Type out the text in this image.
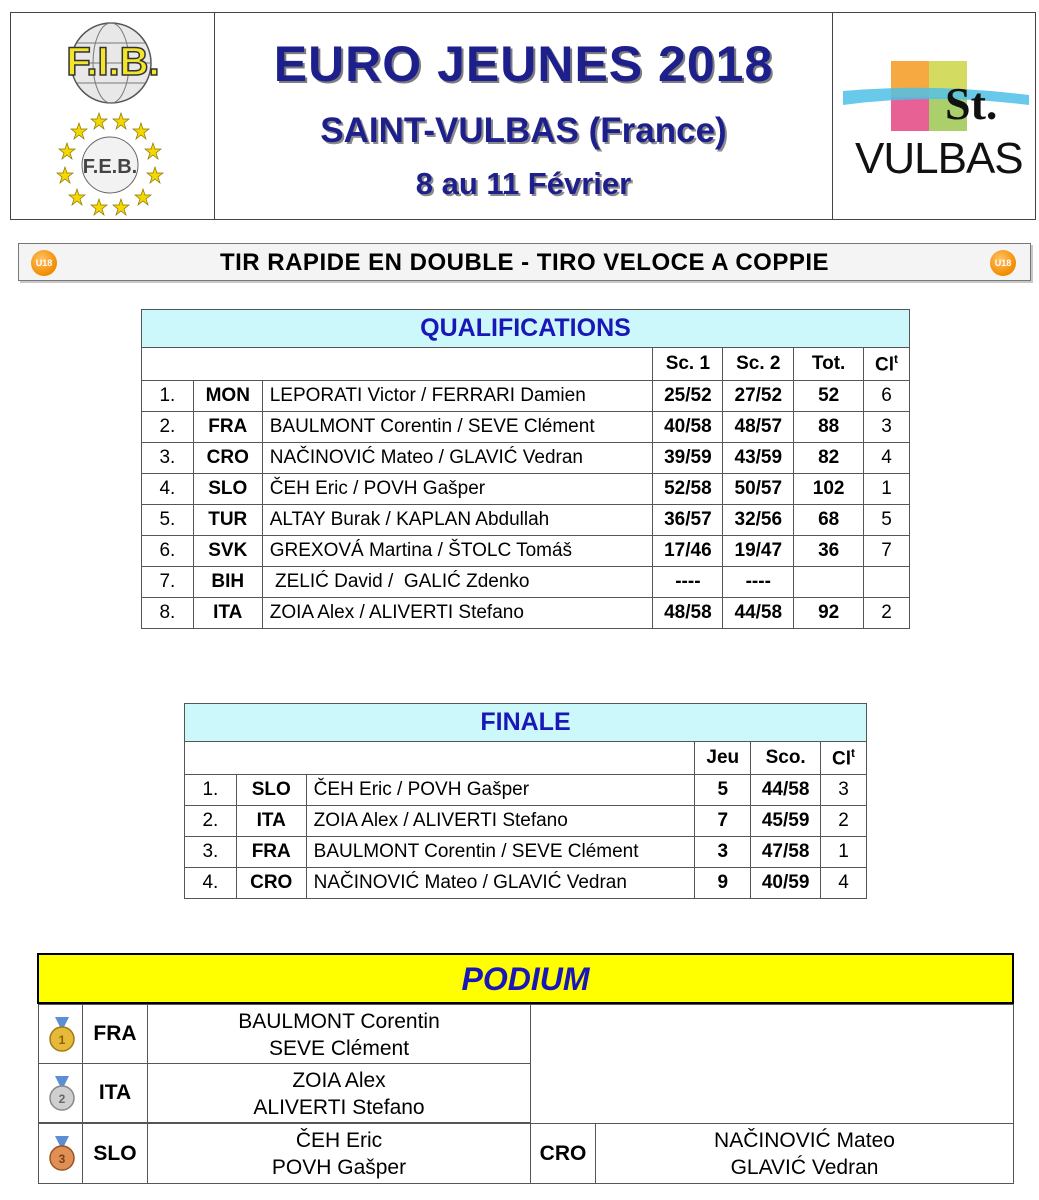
F.I.B.
F.E.B.
EURO JEUNES 2018
SAINT-VULBAS (France)
8 au 11 Février
St.
VULBAS
U18	TIR RAPIDE EN DOUBLE - TIRO VELOCE A COPPIE	U18
QUALIFICATIONS						
			Sc. 1	Sc. 2	Tot.	Cl$^t$
1.	MON	LEPORATI Victor / FERRARI Damien	25/52	27/52	52	6
2.	FRA	BAULMONT Corentin / SEVE Clément	40/58	48/57	88	3
3.	CRO	NAČINOVIĆ Mateo / GLAVIĆ Vedran	39/59	43/59	82	4
4.	SLO	ČEH Eric / POVH Gašper	52/58	50/57	102	1
5.	TUR	ALTAY Burak / KAPLAN Abdullah	36/57	32/56	68	5
6.	SVK	GREXOVÁ Martina / ŠTOLC Tomáš	17/46	19/47	36	7
7.	BIH	ZELIĆ David /  GALIĆ Zdenko	----	----		
8.	ITA	ZOIA Alex / ALIVERTI Stefano	48/58	44/58	92	2
FINALE					
			Jeu	Sco.	Cl$^t$
1.	SLO	ČEH Eric / POVH Gašper	5	44/58	3
2.	ITA	ZOIA Alex / ALIVERTI Stefano	7	45/59	2
3.	FRA	BAULMONT Corentin / SEVE Clément	3	47/58	1
4.	CRO	NAČINOVIĆ Mateo / GLAVIĆ Vedran	9	40/59	4
PODIUM
1	FRA
BAULMONT Corentin
SEVE Clément
2	ITA
ZOIA Alex
ALIVERTI Stefano
3	SLO
ČEH Eric
POVH Gašper
CRO
NAČINOVIĆ Mateo
GLAVIĆ Vedran
